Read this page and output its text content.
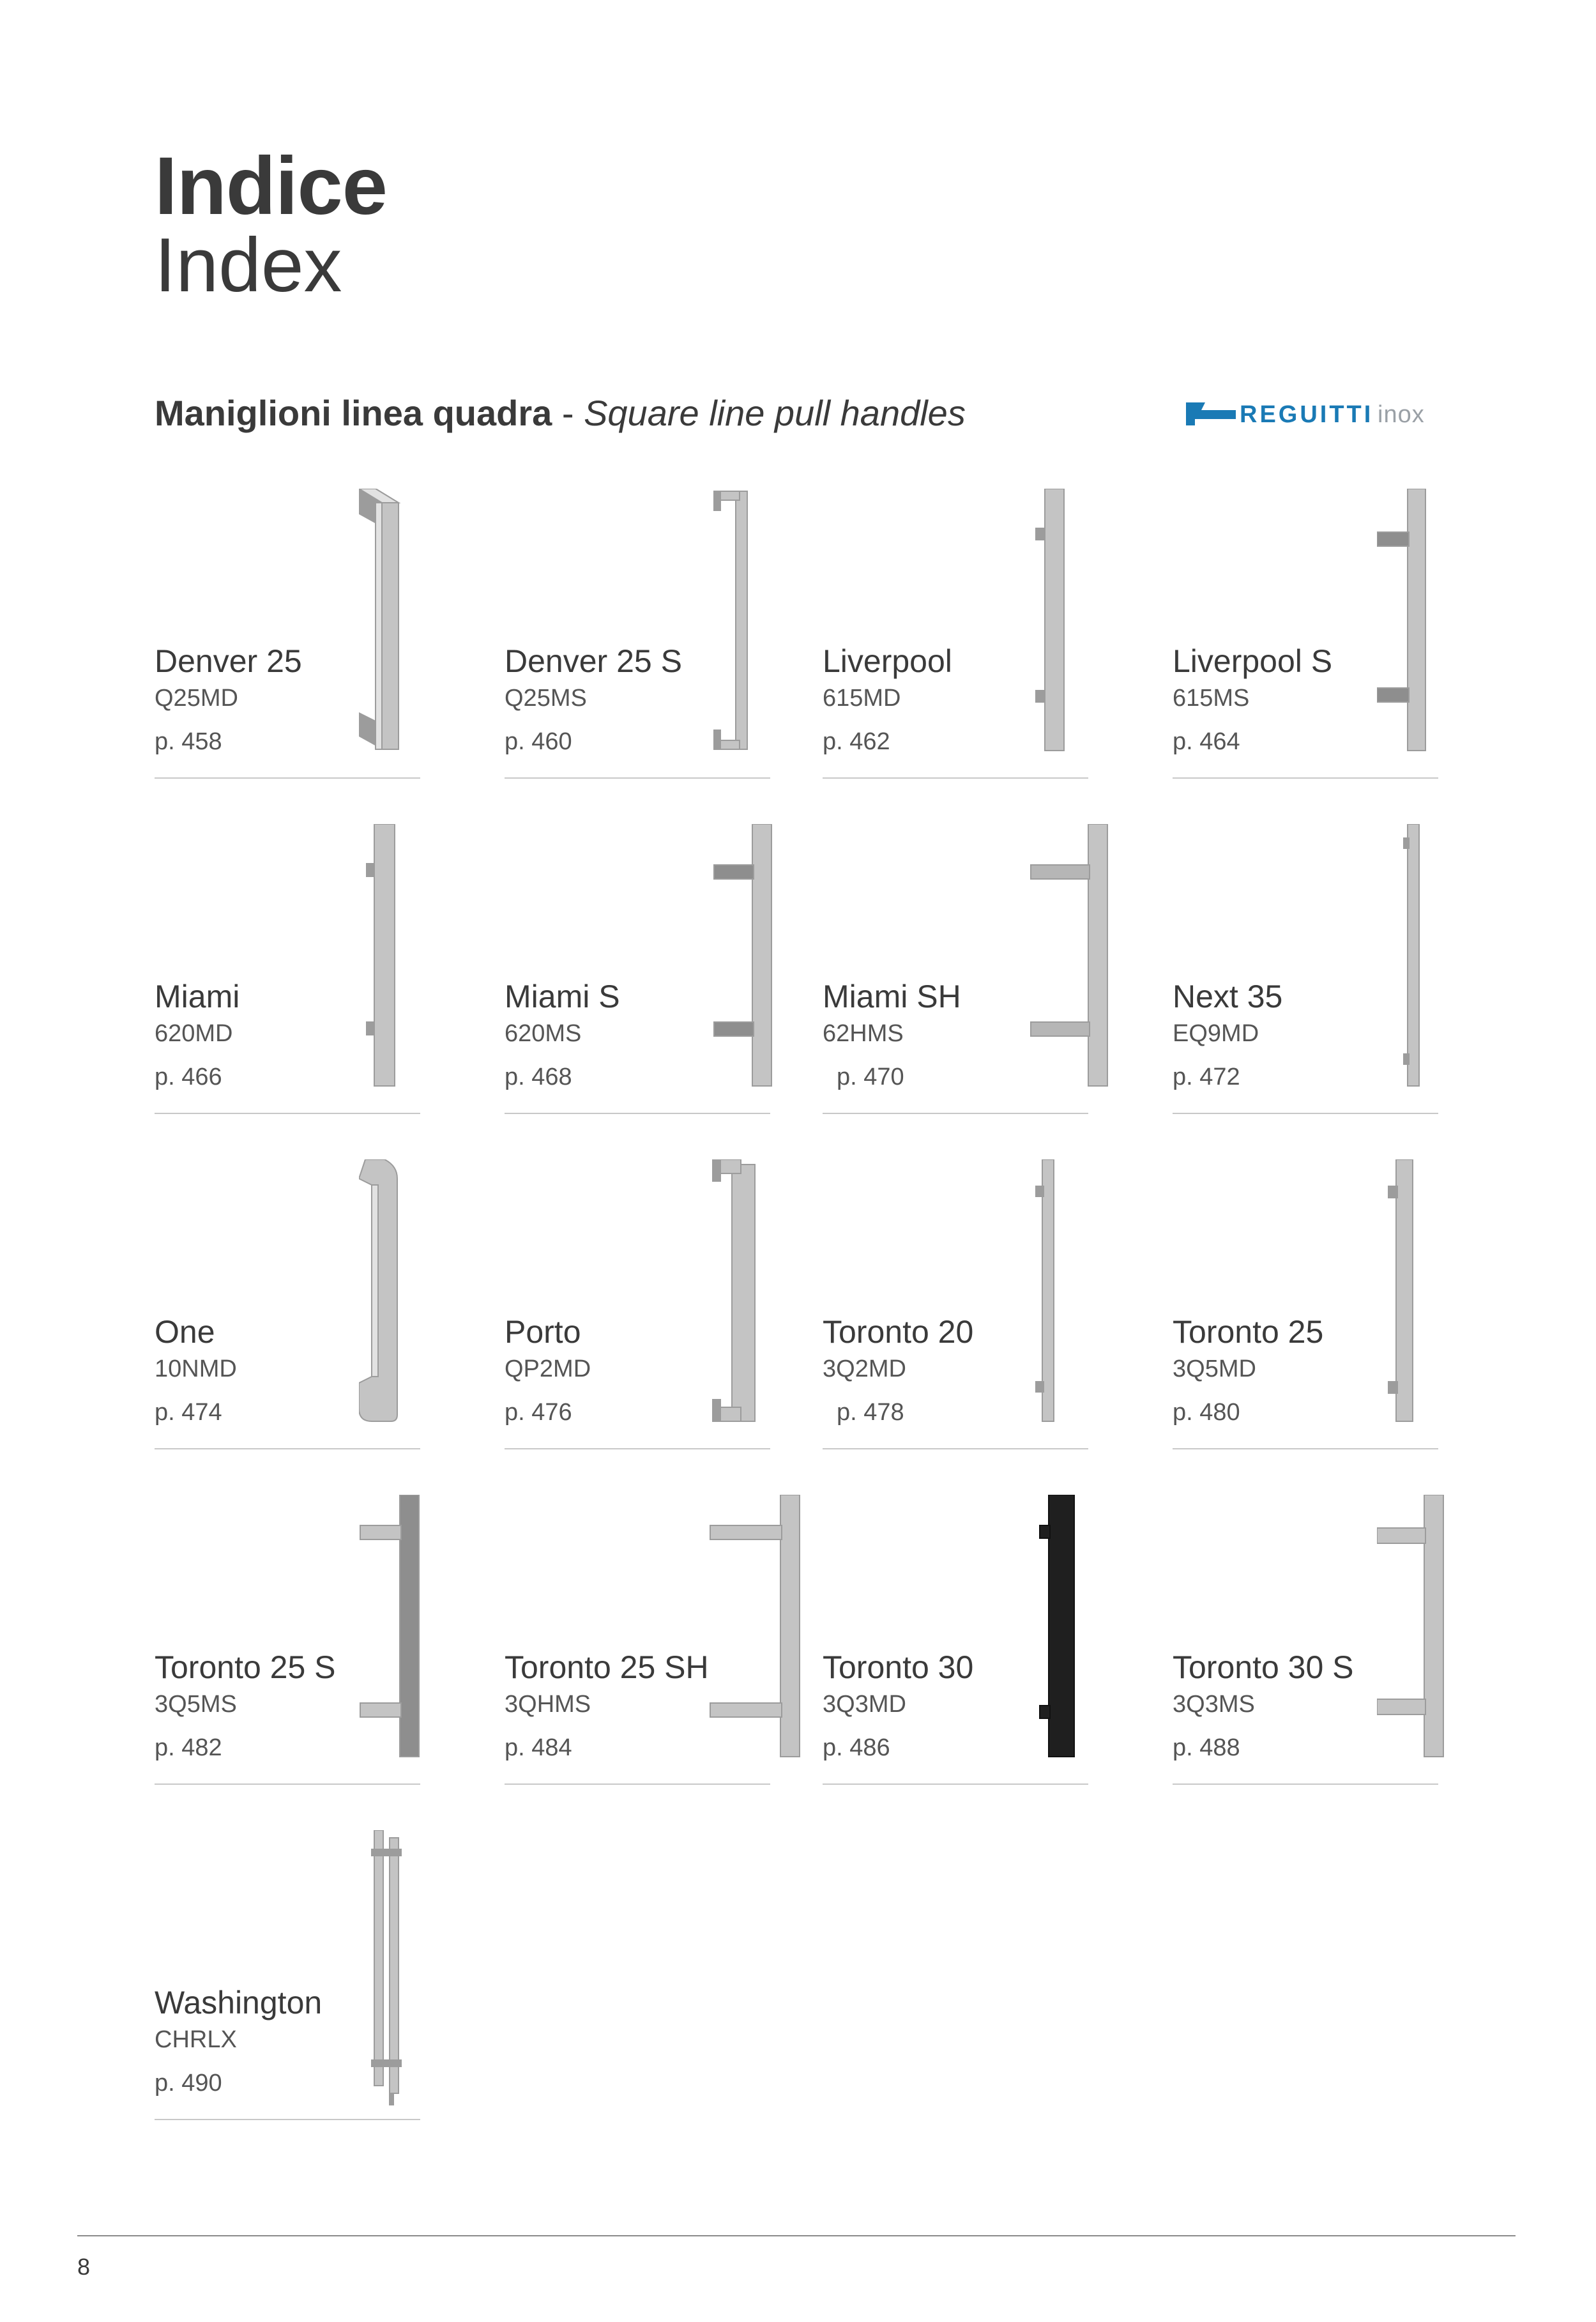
Indice
Index
Maniglioni linea quadra - Square line pull handles	REGUITTI inox
Denver 25
Q25MD
p. 458
Denver 25 S
Q25MS
p. 460
Liverpool
615MD
p. 462
Liverpool S
615MS
p. 464
Miami
620MD
p. 466
Miami S
620MS
p. 468
Miami SH
62HMS
p. 470
Next 35
EQ9MD
p. 472
One
10NMD
p. 474
Porto
QP2MD
p. 476
Toronto 20
3Q2MD
p. 478
Toronto 25
3Q5MD
p. 480
Toronto 25 S
3Q5MS
p. 482
Toronto 25 SH
3QHMS
p. 484
Toronto 30
3Q3MD
p. 486
Toronto 30 S
3Q3MS
p. 488
Washington
CHRLX
p. 490
8
